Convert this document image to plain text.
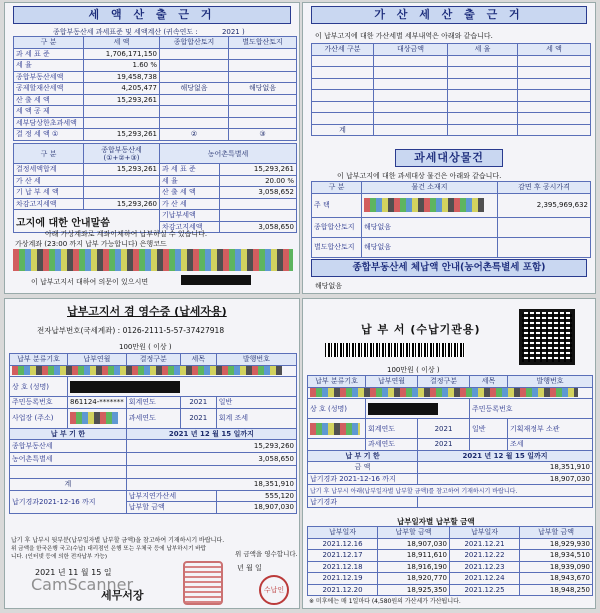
세 액 산 출 근 거
종합부동산세 과세표준 및 세액계산 (귀속연도 :	2021 )
구 분	세 액	종합합산토지	별도합산토지
과 세 표 준	1,706,171,150		
세 율	1.60 %		
종합부동산세액	19,458,738		
공제할재산세액	4,205,477	해당없음	해당없음
산 출 세 액	15,293,261		
세 액 공 제			
세부담상한초과세액			
결 정 세 액 ①	15,293,261	②	③
구 분	종합부동산세 (①+②+③)	농어촌특별세	
결정세액합계	15,293,261	과 세 표 준	15,293,261
가 산 세		세 율	20.00 %
기 납 부 세 액		산 출 세 액	3,058,652
차감고지세액	15,293,260	가 산 세	
고지에 대한 안내말씀		기납부세액	
		차감고지세액	3,058,650
아래 가상계좌로 계좌이체하여 납부하실 수 있습니다.
가상계좌 (23:00 까지 납부 가능합니다) 은행코드
이 납부고지서 대하여 의문이 있으시면
가 산 세 산 출 근 거
이 납부고지에 대한 가산세별 세부내역은 아래와 같습니다.
가산세 구분	대상금액	세 율	세 액

계			
과세대상물건
이 납부고지에 대한 과세대상 물건은 아래와 같습니다.
구 분	물건 소재지	감면 후 공시가격
주 택		2,395,969,632
종합합산토지	해당없음	
별도합산토지	해당없음	
종합부동산세 체납액 안내(농어촌특별세 포함)
해당없음
납부고지서 겸 영수증 (납세자용)
전자납부번호(국세계좌) : 0126-2111-5-57-37427918
100만원 ( 이상 )
납부 분류기호	납부연월	결정구분	세목	발행번호

상 호 (성명)				

주민등록번호	861124-*******	회계연도	2021	일반
사업장 (주소)		과세연도	2021	회계 조세
납 부 기 한		2021 년 12 월 15 일까지		
종합부동산세		15,293,260		
농어촌특별세		3,058,650		

계		18,351,910		
납기경과2021-12-16 까지		납부지연가산세		555,120
		납부할 금액		18,907,030
납기 후 납부시 뒷부분(납부일자별 납부할 금액)을 참고하여 기재하시기 바랍니다.
위 금액을 한국은행 국고(수납) 대리점인 은행 또는 우체국 등에 납부하시기 바랍니다. (인터넷 등에 의한 전자납부 가능)
2021 년 11 월 15 일
세무서장
위 금액을 영수합니다.
년 월 일
수납인
CamScanner
납 부 서 (수납기관용)
100만원 ( 이상 )
납부 분류기호	납부연월	결정구분	세목	발행번호

상 호 (성명)			주민등록번호	

	회계연도	2021	일반	기획재정부 소관
	과세연도	2021		조세
납 부 기 한		2021 년 12 월 15 일까지		
금 액		18,351,910		
납기경과 2021-12-16 까지		18,907,030		
납기 후 납부시 아래(납부일자별 납부할 금액)를 참고하여 기재하시기 바랍니다.				
납기경과				
납부일자별 납부할 금액
납부일자	납부할 금액	납부일자	납부할 금액
2021.12.16	18,907,030	2021.12.21	18,929,930
2021.12.17	18,911,610	2021.12.22	18,934,510
2021.12.18	18,916,190	2021.12.23	18,939,090
2021.12.19	18,920,770	2021.12.24	18,943,670
2021.12.20	18,925,350	2021.12.25	18,948,250
※ 미후에는 매 1일마다 (4,580원의 가산세가 가산됩니다.
